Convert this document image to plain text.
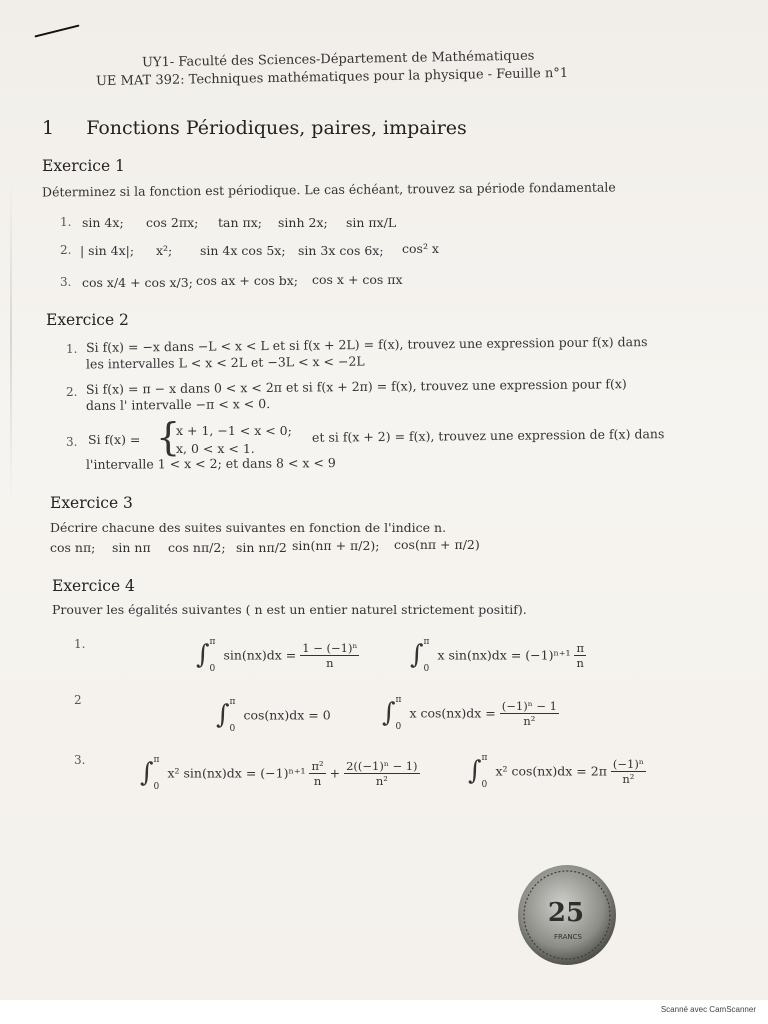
UY1- Faculté des Sciences-Département de Mathématiques
UE MAT 392: Techniques mathématiques pour la physique - Feuille n°1
1 Fonctions Périodiques, paires, impaires
Exercice 1
Déterminez si la fonction est périodique. Le cas échéant, trouvez sa période fondamentale
1. sin 4x; cos 2πx; tan πx; sinh 2x; sin πx/L
2. | sin 4x|; x²; sin 4x cos 5x; sin 3x cos 6x; cos² x
3. cos x/4 + cos x/3; cos ax + cos bx; cos x + cos πx
Exercice 2
1. Si f(x) = −x dans −L < x < L et si f(x + 2L) = f(x), trouvez une expression pour f(x) dans
les intervalles L < x < 2L et −3L < x < −2L
2. Si f(x) = π − x dans 0 < x < 2π et si f(x + 2π) = f(x), trouvez une expression pour f(x)
dans l' intervalle −π < x < 0.
3. Si f(x) = {
x + 1, −1 < x < 0;
x, 0 < x < 1.
et si f(x + 2) = f(x), trouvez une expression de f(x) dans
l'intervalle 1 < x < 2; et dans 8 < x < 9
Exercice 3
Décrire chacune des suites suivantes en fonction de l'indice n.
cos nπ; sin nπ cos nπ/2; sin nπ/2 sin(nπ + π/2); cos(nπ + π/2)
Exercice 4
Prouver les égalités suivantes ( n est un entier naturel strictement positif).
1.	∫ π
0
$\sin(nx)dx = \frac{\text{1 − (−1)ⁿ}}{n}$ ∫ π
0
x $\sin(nx)dx = (-1)^{n+1} \frac{\pi}{n}$
2	∫ π
0
cos(nx)dx = 0 ∫ π
0
x $\cos(nx)dx = \frac{\text{(−1)ⁿ − 1}}{\text{n²}}$
3. ∫ π
0
x² $\sin(nx)dx = (-1)^{n+1} \frac{\text{π²}}{n} + \frac{\text{2((−1)ⁿ − 1)}}{\text{n²}}$ ∫ π
0
x² $\cos(nx)dx = 2\pi \frac{\text{(−1)ⁿ}}{\text{n²}}$
25
FRANCS
Scanné avec CamScanner
